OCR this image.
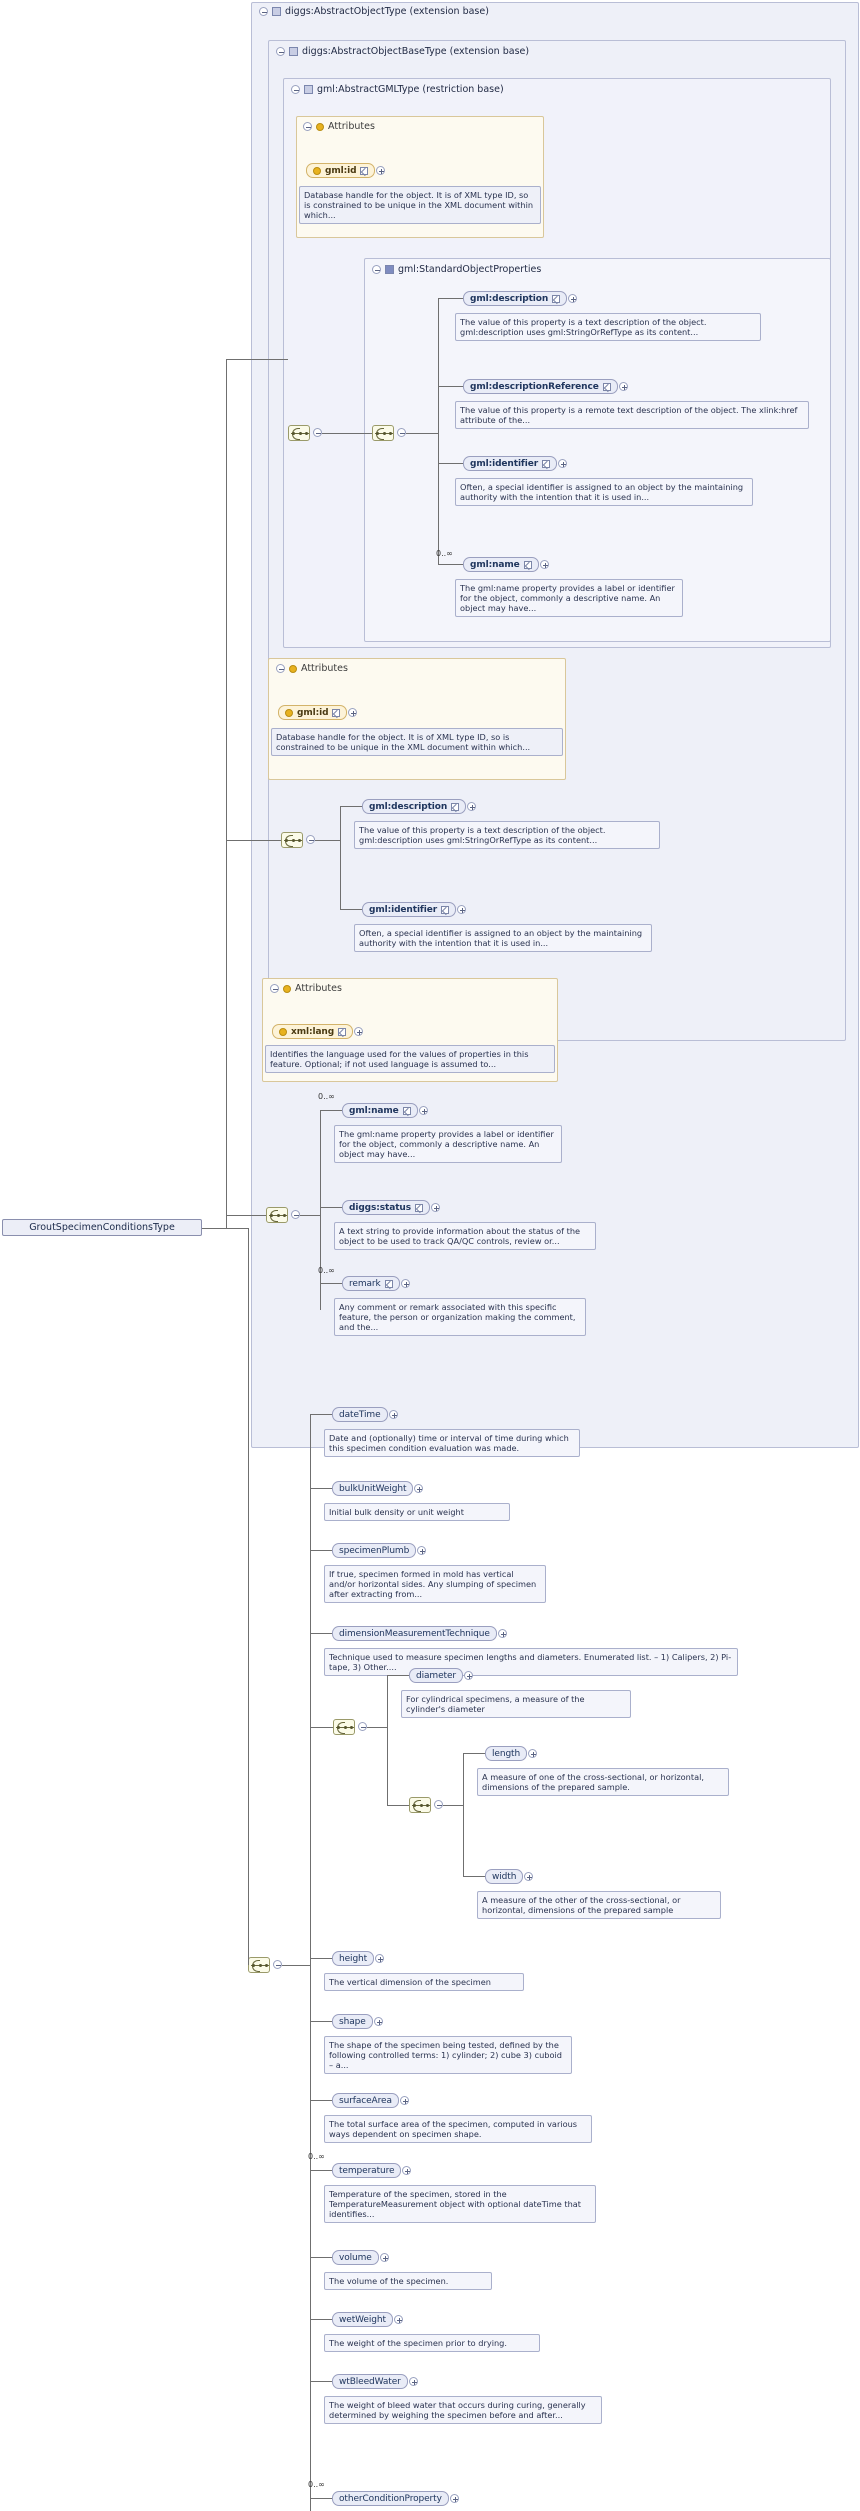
diggs:AbstractObjectType (extension base)
diggs:AbstractObjectBaseType (extension base)
gml:AbstractGMLType (restriction base)
Attributes
gml:id
Database handle for the object. It is of XML type ID, so is constrained to be unique in the XML document within which...
gml:StandardObjectProperties
gml:description
The value of this property is a text description of the object. gml:description uses gml:StringOrRefType as its content...
gml:descriptionReference
The value of this property is a remote text description of the object. The xlink:href attribute of the...
gml:identifier
Often, a special identifier is assigned to an object by the maintaining authority with the intention that it is used in...
0..∞
gml:name
The gml:name property provides a label or identifier for the object, commonly a descriptive name. An object may have...
Attributes
gml:id
Database handle for the object. It is of XML type ID, so is constrained to be unique in the XML document within which...
gml:description
The value of this property is a text description of the object. gml:description uses gml:StringOrRefType as its content...
gml:identifier
Often, a special identifier is assigned to an object by the maintaining authority with the intention that it is used in...
Attributes
xml:lang
Identifies the language used for the values of properties in this feature. Optional; if not used language is assumed to...
0..∞
gml:name
The gml:name property provides a label or identifier for the object, commonly a descriptive name. An object may have...
diggs:status
A text string to provide information about the status of the object to be used to track QA/QC controls, review or...
0..∞
remark
Any comment or remark associated with this specific feature, the person or organization making the comment, and the...
GroutSpecimenConditionsType
dateTime
Date and (optionally) time or interval of time during which this specimen condition evaluation was made.
bulkUnitWeight
Initial bulk density or unit weight
specimenPlumb
If true, specimen formed in mold has vertical and/or horizontal sides. Any slumping of specimen after extracting from...
dimensionMeasurementTechnique
Technique used to measure specimen lengths and diameters. Enumerated list. – 1) Calipers, 2) Pi-tape, 3) Other....
diameter
For cylindrical specimens, a measure of the cylinder's diameter
length
A measure of one of the cross-sectional, or horizontal, dimensions of the prepared sample.
width
A measure of the other of the cross-sectional, or horizontal, dimensions of the prepared sample
height
The vertical dimension of the specimen
shape
The shape of the specimen being tested, defined by the following controlled terms: 1) cylinder; 2) cube 3) cuboid – a...
surfaceArea
The total surface area of the specimen, computed in various ways dependent on specimen shape.
0..∞
temperature
Temperature of the specimen, stored in the TemperatureMeasurement object with optional dateTime that identifies...
volume
The volume of the specimen.
wetWeight
The weight of the specimen prior to drying.
wtBleedWater
The weight of bleed water that occurs during curing, generally determined by weighing the specimen before and after...
0..∞
otherConditionProperty
